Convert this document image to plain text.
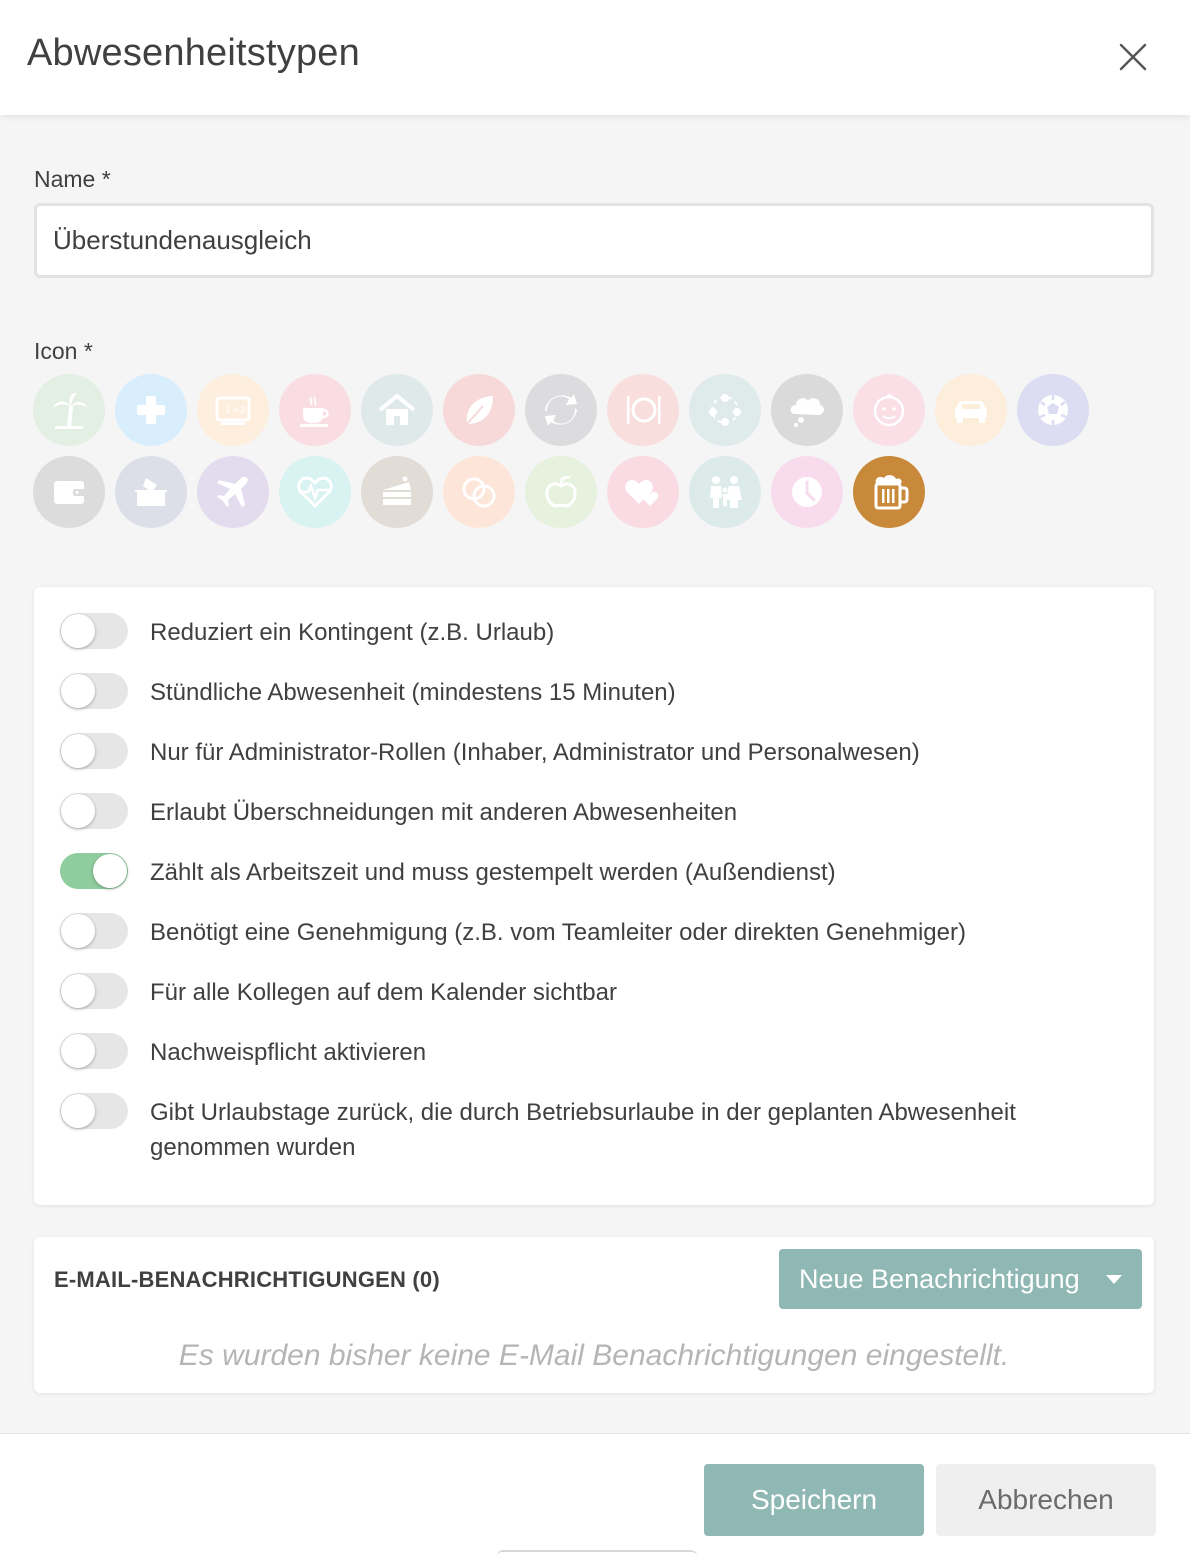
Abwesenheitstypen
Name *
Überstundenausgleich
Icon *
1+2
Reduziert ein Kontingent (z.B. Urlaub)
Stündliche Abwesenheit (mindestens 15 Minuten)
Nur für Administrator-Rollen (Inhaber, Administrator und Personalwesen)
Erlaubt Überschneidungen mit anderen Abwesenheiten
Zählt als Arbeitszeit und muss gestempelt werden (Außendienst)
Benötigt eine Genehmigung (z.B. vom Teamleiter oder direkten Genehmiger)
Für alle Kollegen auf dem Kalender sichtbar
Nachweispflicht aktivieren
Gibt Urlaubstage zurück, die durch Betriebsurlaube in der geplanten Abwesenheit genommen wurden
E-MAIL-BENACHRICHTIGUNGEN (0)	Neue Benachrichtigung
Es wurden bisher keine E-Mail Benachrichtigungen eingestellt.
Speichern	Abbrechen
